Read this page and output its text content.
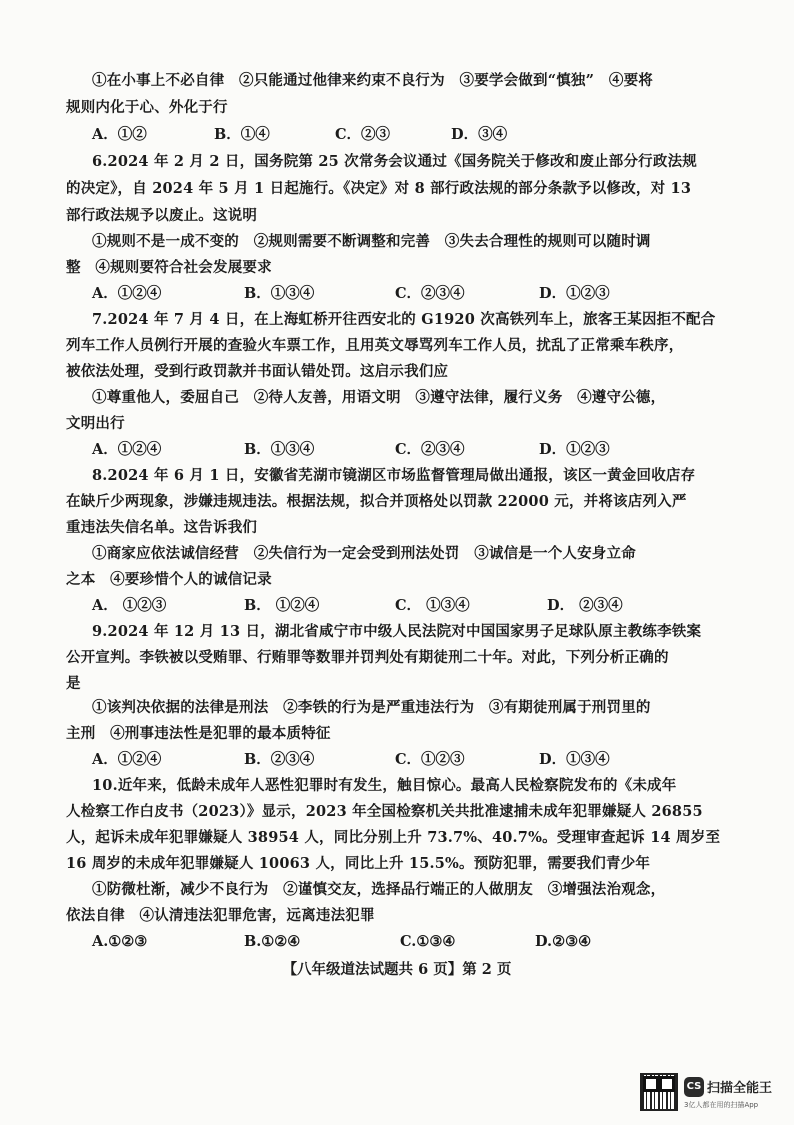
①在小事上不必自律　②只能通过他律来约束不良行为　③要学会做到“慎独”　④要将
规则内化于心、外化于行
A．①②	B．①④	C．②③	D．③④
6.2024 年 2 月 2 日，国务院第 25 次常务会议通过《国务院关于修改和废止部分行政法规
的决定》，自 2024 年 5 月 1 日起施行。《决定》对 8 部行政法规的部分条款予以修改，对 13
部行政法规予以废止。这说明
①规则不是一成不变的　②规则需要不断调整和完善　③失去合理性的规则可以随时调
整　④规则要符合社会发展要求
A．①②④	B．①③④	C．②③④	D．①②③
7.2024 年 7 月 4 日，在上海虹桥开往西安北的 G1920 次高铁列车上，旅客王某因拒不配合
列车工作人员例行开展的查验火车票工作，且用英文辱骂列车工作人员，扰乱了正常乘车秩序，
被依法处理，受到行政罚款并书面认错处罚。这启示我们应
①尊重他人，委屈自己　②待人友善，用语文明　③遵守法律，履行义务　④遵守公德，
文明出行
A．①②④	B．①③④	C．②③④	D．①②③
8.2024 年 6 月 1 日，安徽省芜湖市镜湖区市场监督管理局做出通报，该区一黄金回收店存
在缺斤少两现象，涉嫌违规违法。根据法规，拟合并顶格处以罚款 22000 元，并将该店列入严
重违法失信名单。这告诉我们
①商家应依法诚信经营　②失信行为一定会受到刑法处罚　③诚信是一个人安身立命
之本　④要珍惜个人的诚信记录
A． ①②③	B． ①②④	C． ①③④	D． ②③④
9.2024 年 12 月 13 日，湖北省咸宁市中级人民法院对中国国家男子足球队原主教练李铁案
公开宣判。李铁被以受贿罪、行贿罪等数罪并罚判处有期徒刑二十年。对此，下列分析正确的
是
①该判决依据的法律是刑法　②李铁的行为是严重违法行为　③有期徒刑属于刑罚里的
主刑　④刑事违法性是犯罪的最本质特征
A．①②④	B．②③④	C．①②③	D．①③④
10.近年来，低龄未成年人恶性犯罪时有发生，触目惊心。最高人民检察院发布的《未成年
人检察工作白皮书（2023）》显示，2023 年全国检察机关共批准逮捕未成年犯罪嫌疑人 26855
人，起诉未成年犯罪嫌疑人 38954 人，同比分别上升 73.7%、40.7%。受理审查起诉 14 周岁至
16 周岁的未成年犯罪嫌疑人 10063 人，同比上升 15.5%。预防犯罪，需要我们青少年
①防微杜渐，减少不良行为　②谨慎交友，选择品行端正的人做朋友　③增强法治观念，
依法自律　④认清违法犯罪危害，远离违法犯罪
A.①②③	B.①②④	C.①③④	D.②③④
【八年级道法试题共 6 页】第 2 页
CS 扫描全能王
3亿人都在用的扫描App
